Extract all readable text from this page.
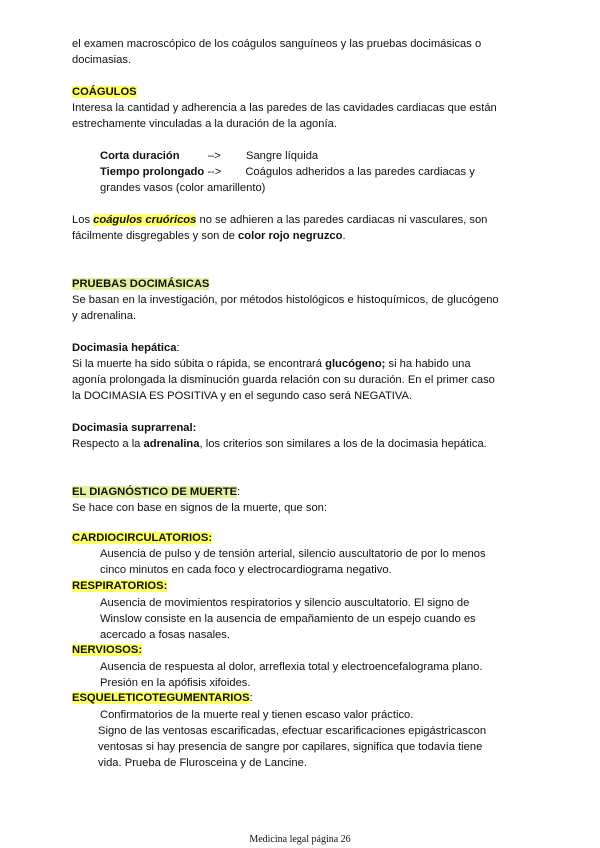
el examen macroscópico de los coágulos sanguíneos y las pruebas docimásicas o
docimasias.
COÁGULOS
Interesa la cantidad y adherencia a las paredes de las cavidades cardiacas que están
estrechamente vinculadas a la duración de la agonía.
Corta duración	–> Sangre líquida
Tiempo prolongado --> Coágulos adheridos a las paredes cardiacas y
grandes vasos (color amarillento)
Los coágulos cruóricos no se adhieren a las paredes cardiacas ni vasculares, son
fácilmente disgregables y son de color rojo negruzco.
PRUEBAS DOCIMÁSICAS
Se basan en la investigación, por métodos histológicos e histoquímicos, de glucógeno
y adrenalina.
Docimasia hepática:
Si la muerte ha sido súbita o rápida, se encontrará glucógeno; si ha habido una
agonía prolongada la disminución guarda relación con su duración. En el primer caso
la DOCIMASIA ES POSITIVA y en el segundo caso será NEGATIVA.
Docimasia suprarrenal:
Respecto a la adrenalina, los criterios son similares a los de la docimasia hepática.
EL DIAGNÓSTICO DE MUERTE:
Se hace con base en signos de la muerte, que son:
CARDIOCIRCULATORIOS:
Ausencia de pulso y de tensión arterial, silencio auscultatorio de por lo menos
cinco minutos en cada foco y electrocardiograma negativo.
RESPIRATORIOS:
Ausencia de movimientos respiratorios y silencio auscultatorio. El signo de
Winslow consiste en la ausencia de empañamiento de un espejo cuando es
acercado a fosas nasales.
NERVIOSOS:
Ausencia de respuesta al dolor, arreflexia total y electroencefalograma plano.
Presión en la apófisis xifoides.
ESQUELETICOTEGUMENTARIOS:
Confirmatorios de la muerte real y tienen escaso valor práctico.
Signo de las ventosas escarificadas, efectuar escarificaciones epigástricascon
ventosas si hay presencia de sangre por capilares, significa que todavía tiene
vida. Prueba de Flurosceina y de Lancine.
Medicina legal página 26
